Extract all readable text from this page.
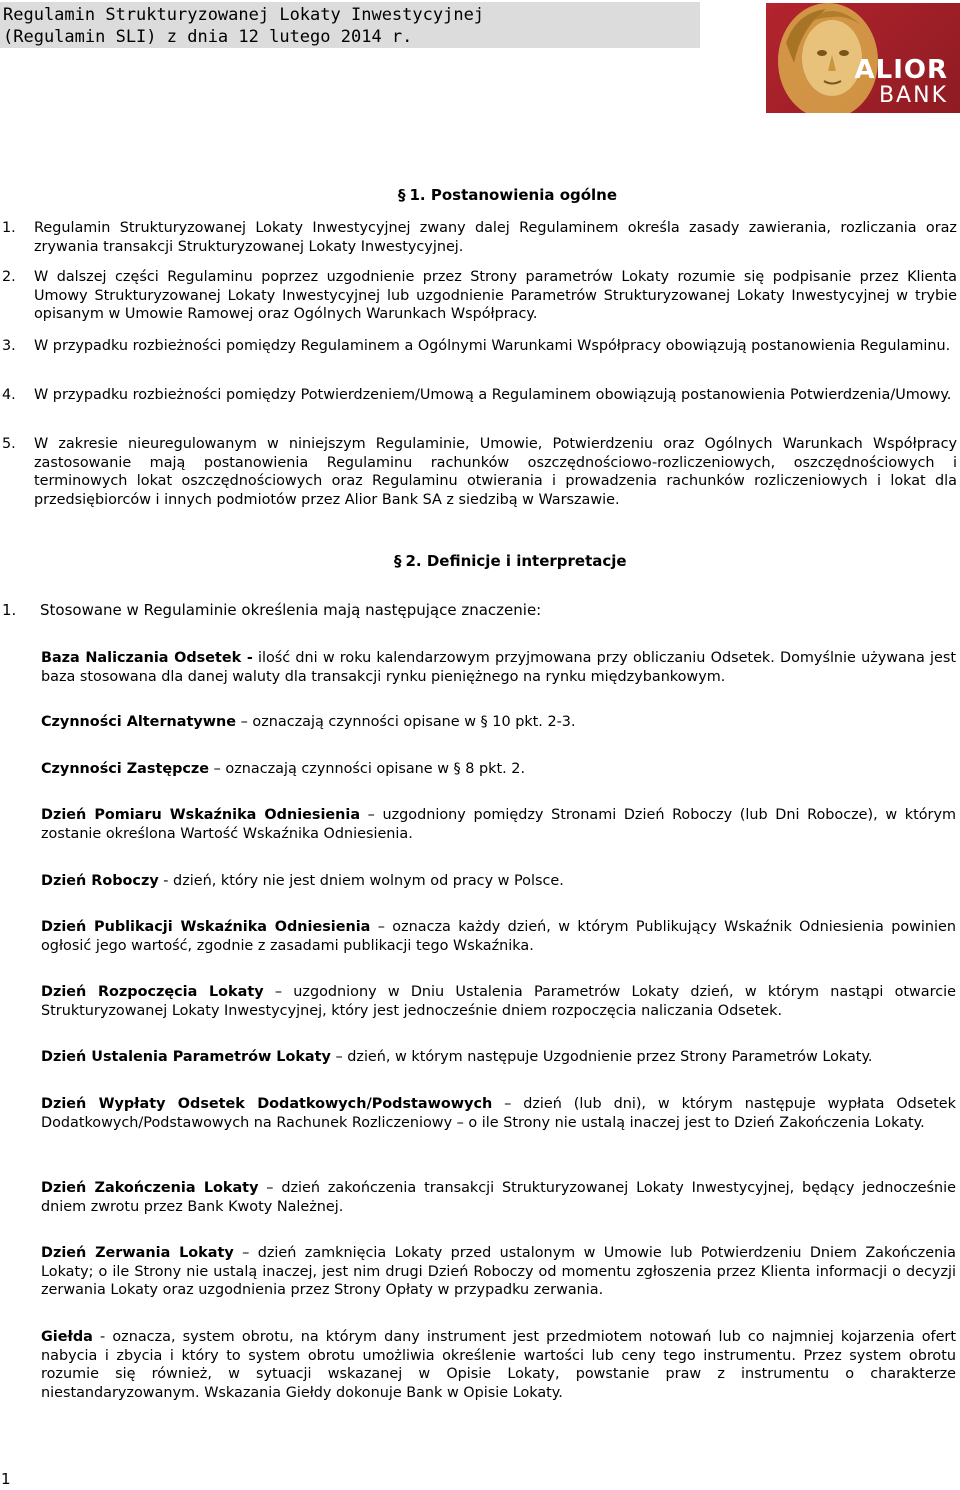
Regulamin Strukturyzowanej Lokaty Inwestycyjnej
(Regulamin SLI) z dnia 12 lutego 2014 r.
ALIOR
BANK
§ 1. Postanowienia ogólne
1. Regulamin Strukturyzowanej Lokaty Inwestycyjnej zwany dalej Regulaminem określa zasady zawierania, rozliczania oraz zrywania transakcji Strukturyzowanej Lokaty Inwestycyjnej.
2. W dalszej części Regulaminu poprzez uzgodnienie przez Strony parametrów Lokaty rozumie się podpisanie przez Klienta Umowy Strukturyzowanej Lokaty Inwestycyjnej lub uzgodnienie Parametrów Strukturyzowanej Lokaty Inwestycyjnej w trybie opisanym w Umowie Ramowej oraz Ogólnych Warunkach Współpracy.
3. W przypadku rozbieżności pomiędzy Regulaminem a Ogólnymi Warunkami Współpracy obowiązują postanowienia Regulaminu.
4. W przypadku rozbieżności pomiędzy Potwierdzeniem/Umową a Regulaminem obowiązują postanowienia Potwierdzenia/Umowy.
5. W zakresie nieuregulowanym w niniejszym Regulaminie, Umowie, Potwierdzeniu oraz Ogólnych Warunkach Współpracy zastosowanie mają postanowienia Regulaminu rachunków oszczędnościowo-rozliczeniowych, oszczędnościowych i terminowych lokat oszczędnościowych oraz Regulaminu otwierania i prowadzenia rachunków rozliczeniowych i lokat dla przedsiębiorców i innych podmiotów przez Alior Bank SA z siedzibą w Warszawie.
§ 2. Definicje i interpretacje
1. Stosowane w Regulaminie określenia mają następujące znaczenie:
Baza Naliczania Odsetek - ilość dni w roku kalendarzowym przyjmowana przy obliczaniu Odsetek. Domyślnie używana jest baza stosowana dla danej waluty dla transakcji rynku pieniężnego na rynku międzybankowym.
Czynności Alternatywne – oznaczają czynności opisane w § 10 pkt. 2-3.
Czynności Zastępcze – oznaczają czynności opisane w § 8 pkt. 2.
Dzień Pomiaru Wskaźnika Odniesienia – uzgodniony pomiędzy Stronami Dzień Roboczy (lub Dni Robocze), w którym zostanie określona Wartość Wskaźnika Odniesienia.
Dzień Roboczy - dzień, który nie jest dniem wolnym od pracy w Polsce.
Dzień Publikacji Wskaźnika Odniesienia – oznacza każdy dzień, w którym Publikujący Wskaźnik Odniesienia powinien ogłosić jego wartość, zgodnie z zasadami publikacji tego Wskaźnika.
Dzień Rozpoczęcia Lokaty – uzgodniony w Dniu Ustalenia Parametrów Lokaty dzień, w którym nastąpi otwarcie Strukturyzowanej Lokaty Inwestycyjnej, który jest jednocześnie dniem rozpoczęcia naliczania Odsetek.
Dzień Ustalenia Parametrów Lokaty – dzień, w którym następuje Uzgodnienie przez Strony Parametrów Lokaty.
Dzień Wypłaty Odsetek Dodatkowych/Podstawowych – dzień (lub dni), w którym następuje wypłata Odsetek Dodatkowych/Podstawowych na Rachunek Rozliczeniowy – o ile Strony nie ustalą inaczej jest to Dzień Zakończenia Lokaty.
Dzień Zakończenia Lokaty – dzień zakończenia transakcji Strukturyzowanej Lokaty Inwestycyjnej, będący jednocześnie dniem zwrotu przez Bank Kwoty Należnej.
Dzień Zerwania Lokaty – dzień zamknięcia Lokaty przed ustalonym w Umowie lub Potwierdzeniu Dniem Zakończenia Lokaty; o ile Strony nie ustalą inaczej, jest nim drugi Dzień Roboczy od momentu zgłoszenia przez Klienta informacji o decyzji zerwania Lokaty oraz uzgodnienia przez Strony Opłaty w przypadku zerwania.
Giełda - oznacza, system obrotu, na którym dany instrument jest przedmiotem notowań lub co najmniej kojarzenia ofert nabycia i zbycia i który to system obrotu umożliwia określenie wartości lub ceny tego instrumentu. Przez system obrotu rozumie się również, w sytuacji wskazanej w Opisie Lokaty, powstanie praw z instrumentu o charakterze niestandaryzowanym. Wskazania Giełdy dokonuje Bank w Opisie Lokaty.
1
